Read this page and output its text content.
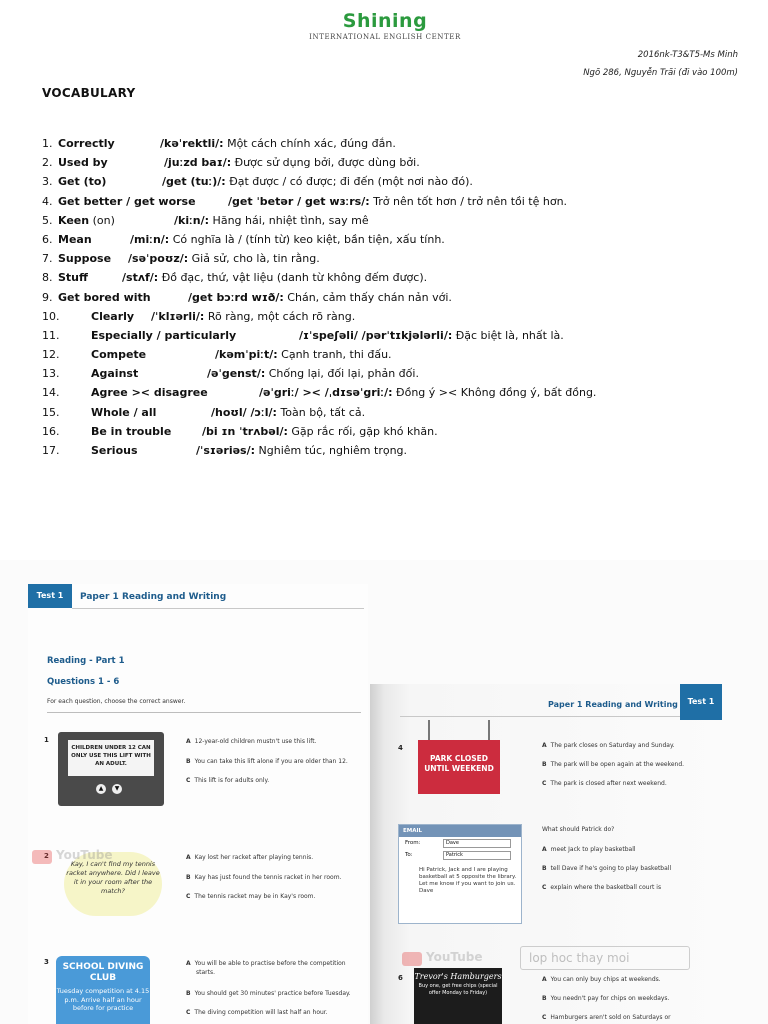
Shining
INTERNATIONAL ENGLISH CENTER
2016nk-T3&T5-Ms Minh
Ngõ 286, Nguyễn Trãi (đi vào 100m)
VOCABULARY
1. Correctly	/kəˈrektli/: Một cách chính xác, đúng đắn.
2. Used by	/juːzd baɪ/: Được sử dụng bởi, được dùng bởi.
3. Get (to)	/get (tuː)/: Đạt được / có được; đi đến (một nơi nào đó).
4. Get better / get worse	/get ˈbetər / get wɜːrs/: Trở nên tốt hơn / trở nên tồi tệ hơn.
5. Keen (on)	/kiːn/: Hăng hái, nhiệt tình, say mê
6. Mean	/miːn/: Có nghĩa là / (tính từ) keo kiệt, bần tiện, xấu tính.
7. Suppose /səˈpoʊz/: Giả sử, cho là, tin rằng.
8. Stuff	/stʌf/: Đồ đạc, thứ, vật liệu (danh từ không đếm được).
9. Get bored with	/get bɔːrd wɪð/: Chán, cảm thấy chán nản với.
10.	Clearly /ˈklɪərli/: Rõ ràng, một cách rõ ràng.
11.	Especially / particularly	/ɪˈspeʃəli/ /pərˈtɪkjələrli/: Đặc biệt là, nhất là.
12.	Compete	/kəmˈpiːt/: Cạnh tranh, thi đấu.
13.	Against	/əˈgenst/: Chống lại, đối lại, phản đối.
14.	Agree >< disagree	/əˈgriː/ >< /ˌdɪsəˈgriː/: Đồng ý >< Không đồng ý, bất đồng.
15.	Whole / all	/hoʊl/ /ɔːl/: Toàn bộ, tất cả.
16.	Be in trouble	/bi ɪn ˈtrʌbəl/: Gặp rắc rối, gặp khó khăn.
17.	Serious	/ˈsɪəriəs/: Nghiêm túc, nghiêm trọng.
Test 1	Paper 1 Reading and Writing
Reading - Part 1
Questions 1 - 6
For each question, choose the correct answer.
1
CHILDREN UNDER 12 CAN ONLY USE THIS LIFT WITH AN ADULT.
▲	▼
A 12-year-old children mustn't use this lift.
B You can take this lift alone if you are older than 12.
C This lift is for adults only.
2
Kay, I can't find my tennis racket anywhere. Did I leave it in your room after the match?
A Kay lost her racket after playing tennis.
B Kay has just found the tennis racket in her room.
C The tennis racket may be in Kay's room.
3	SCHOOL DIVING CLUB
Tuesday competition at 4.15 p.m. Arrive half an hour before for practice
A You will be able to practise before the competition
starts.
B You should get 30 minutes' practice before Tuesday.
C The diving competition will last half an hour.
Test 1
Paper 1 Reading and Writing
4
PARK CLOSED UNTIL WEEKEND
A The park closes on Saturday and Sunday.
B The park will be open again at the weekend.
C The park is closed after next weekend.
EMAIL
From:	Dave
To:	Patrick
Hi Patrick, Jack and I are playing basketball at 5 opposite the library. Let me know if you want to join us. Dave
What should Patrick do?
A meet Jack to play basketball
B tell Dave if he's going to play basketball
C explain where the basketball court is
6 Trevor's Hamburgers
Buy one, get free chips (special offer Monday to Friday)
A You can only buy chips at weekends.
B You needn't pay for chips on weekdays.
C Hamburgers aren't sold on Saturdays or
YouTube
YouTube	lop hoc thay moi
